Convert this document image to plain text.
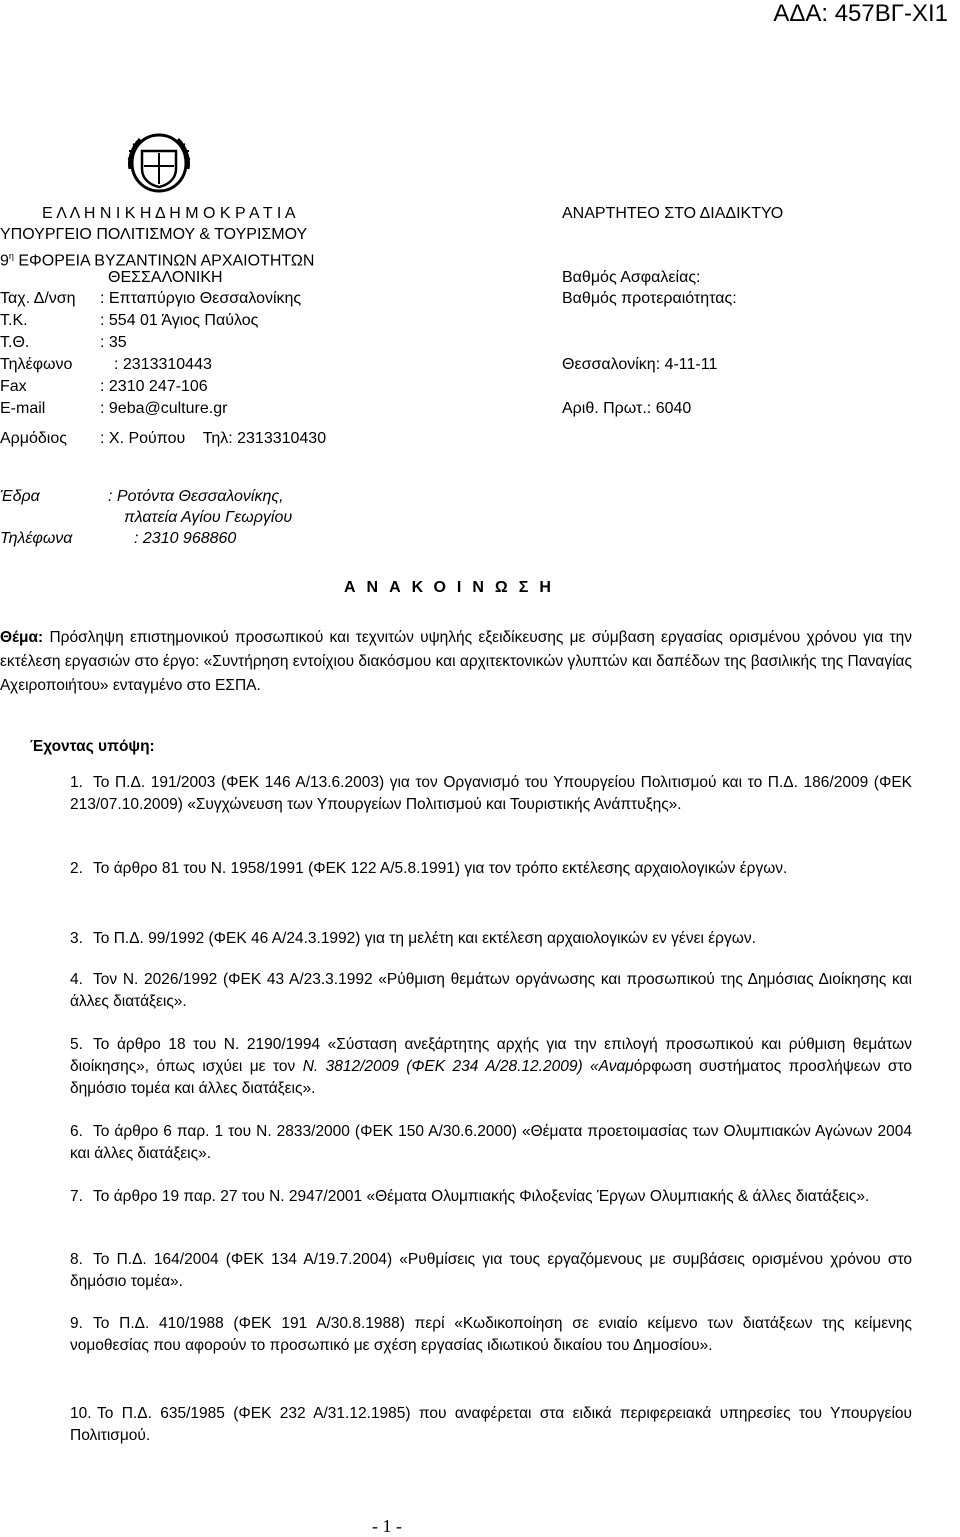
ΑΔΑ: 457ΒΓ-ΧΙ1
Ε Λ Λ Η Ν Ι Κ Η Δ Η Μ Ο Κ Ρ Α Τ Ι Α
ΥΠΟΥΡΓΕΙΟ ΠΟΛΙΤΙΣΜΟΥ & ΤΟΥΡΙΣΜΟΥ
$9^\eta$ ΕΦΟΡΕΙΑ ΒΥΖΑΝΤΙΝΩΝ ΑΡΧΑΙΟΤΗΤΩΝ
ΘΕΣΣΑΛΟΝΙΚΗ
Ταχ. Δ/νση : Επταπύργιο Θεσσαλονίκης
Τ.Κ.	: 554 01 Άγιος Παύλος
Τ.Θ.	: 35
Τηλέφωνο	: 2313310443
Fax	: 2310 247-106
E-mail	: 9eba@culture.gr
Αρμόδιος : Χ. Ρούπου    Τηλ: 2313310430
ΑΝΑΡΤΗΤΕΟ ΣΤΟ ΔΙΑΔΙΚΤΥΟ
Βαθμός Ασφαλείας:
Βαθμός προτεραιότητας:
Θεσσαλονίκη: 4-11-11
Αριθ. Πρωτ.: 6040
Έδρα	: Ροτόντα Θεσσαλονίκης,
πλατεία Αγίου Γεωργίου
Τηλέφωνα	: 2310 968860
ΑΝΑΚΟΙΝΩΣΗ
Θέμα: Πρόσληψη επιστημονικού προσωπικού και τεχνιτών υψηλής εξειδίκευσης με σύμβαση εργασίας ορισμένου χρόνου για την εκτέλεση εργασιών στο έργο: «Συντήρηση εντοίχιου διακόσμου και αρχιτεκτονικών γλυπτών και δαπέδων της βασιλικής της Παναγίας Αχειροποιήτου» ενταγμένο στο ΕΣΠΑ.
Έχοντας υπόψη:
1. Το Π.Δ. 191/2003 (ΦΕΚ 146 Α/13.6.2003) για τον Οργανισμό του Υπουργείου Πολιτισμού και το Π.Δ. 186/2009 (ΦΕΚ 213/07.10.2009) «Συγχώνευση των Υπουργείων Πολιτισμού και Τουριστικής Ανάπτυξης».
2. Το άρθρο 81 του Ν. 1958/1991 (ΦΕΚ 122 Α/5.8.1991) για τον τρόπο εκτέλεσης αρχαιολογικών έργων.
3. Το Π.Δ. 99/1992 (ΦΕΚ 46 Α/24.3.1992) για τη μελέτη και εκτέλεση αρχαιολογικών εν γένει έργων.
4. Τον Ν. 2026/1992 (ΦΕΚ 43 Α/23.3.1992 «Ρύθμιση θεμάτων οργάνωσης και προσωπικού της Δημόσιας Διοίκησης και άλλες διατάξεις».
5. Το άρθρο 18 του Ν. 2190/1994 «Σύσταση ανεξάρτητης αρχής για την επιλογή προσωπικού και ρύθμιση θεμάτων διοίκησης», όπως ισχύει με τον Ν. 3812/2009 (ΦΕΚ 234 Α/28.12.2009) «Αναμόρφωση συστήματος προσλήψεων στο δημόσιο τομέα και άλλες διατάξεις».
6. Το άρθρο 6 παρ. 1 του Ν. 2833/2000 (ΦΕΚ 150 Α/30.6.2000) «Θέματα προετοιμασίας των Ολυμπιακών Αγώνων 2004 και άλλες διατάξεις».
7. Το άρθρο 19 παρ. 27 του Ν. 2947/2001 «Θέματα Ολυμπιακής Φιλοξενίας Έργων Ολυμπιακής & άλλες διατάξεις».
8. Το Π.Δ. 164/2004 (ΦΕΚ 134 Α/19.7.2004) «Ρυθμίσεις για τους εργαζόμενους με συμβάσεις ορισμένου χρόνου στο δημόσιο τομέα».
9. Το Π.Δ. 410/1988 (ΦΕΚ 191 Α/30.8.1988) περί «Κωδικοποίηση σε ενιαίο κείμενο των διατάξεων της κείμενης νομοθεσίας που αφορούν το προσωπικό με σχέση εργασίας ιδιωτικού δικαίου του Δημοσίου».
10. Το Π.Δ. 635/1985 (ΦΕΚ 232 Α/31.12.1985) που αναφέρεται στα ειδικά περιφερειακά υπηρεσίες του Υπουργείου Πολιτισμού.
- 1 -
